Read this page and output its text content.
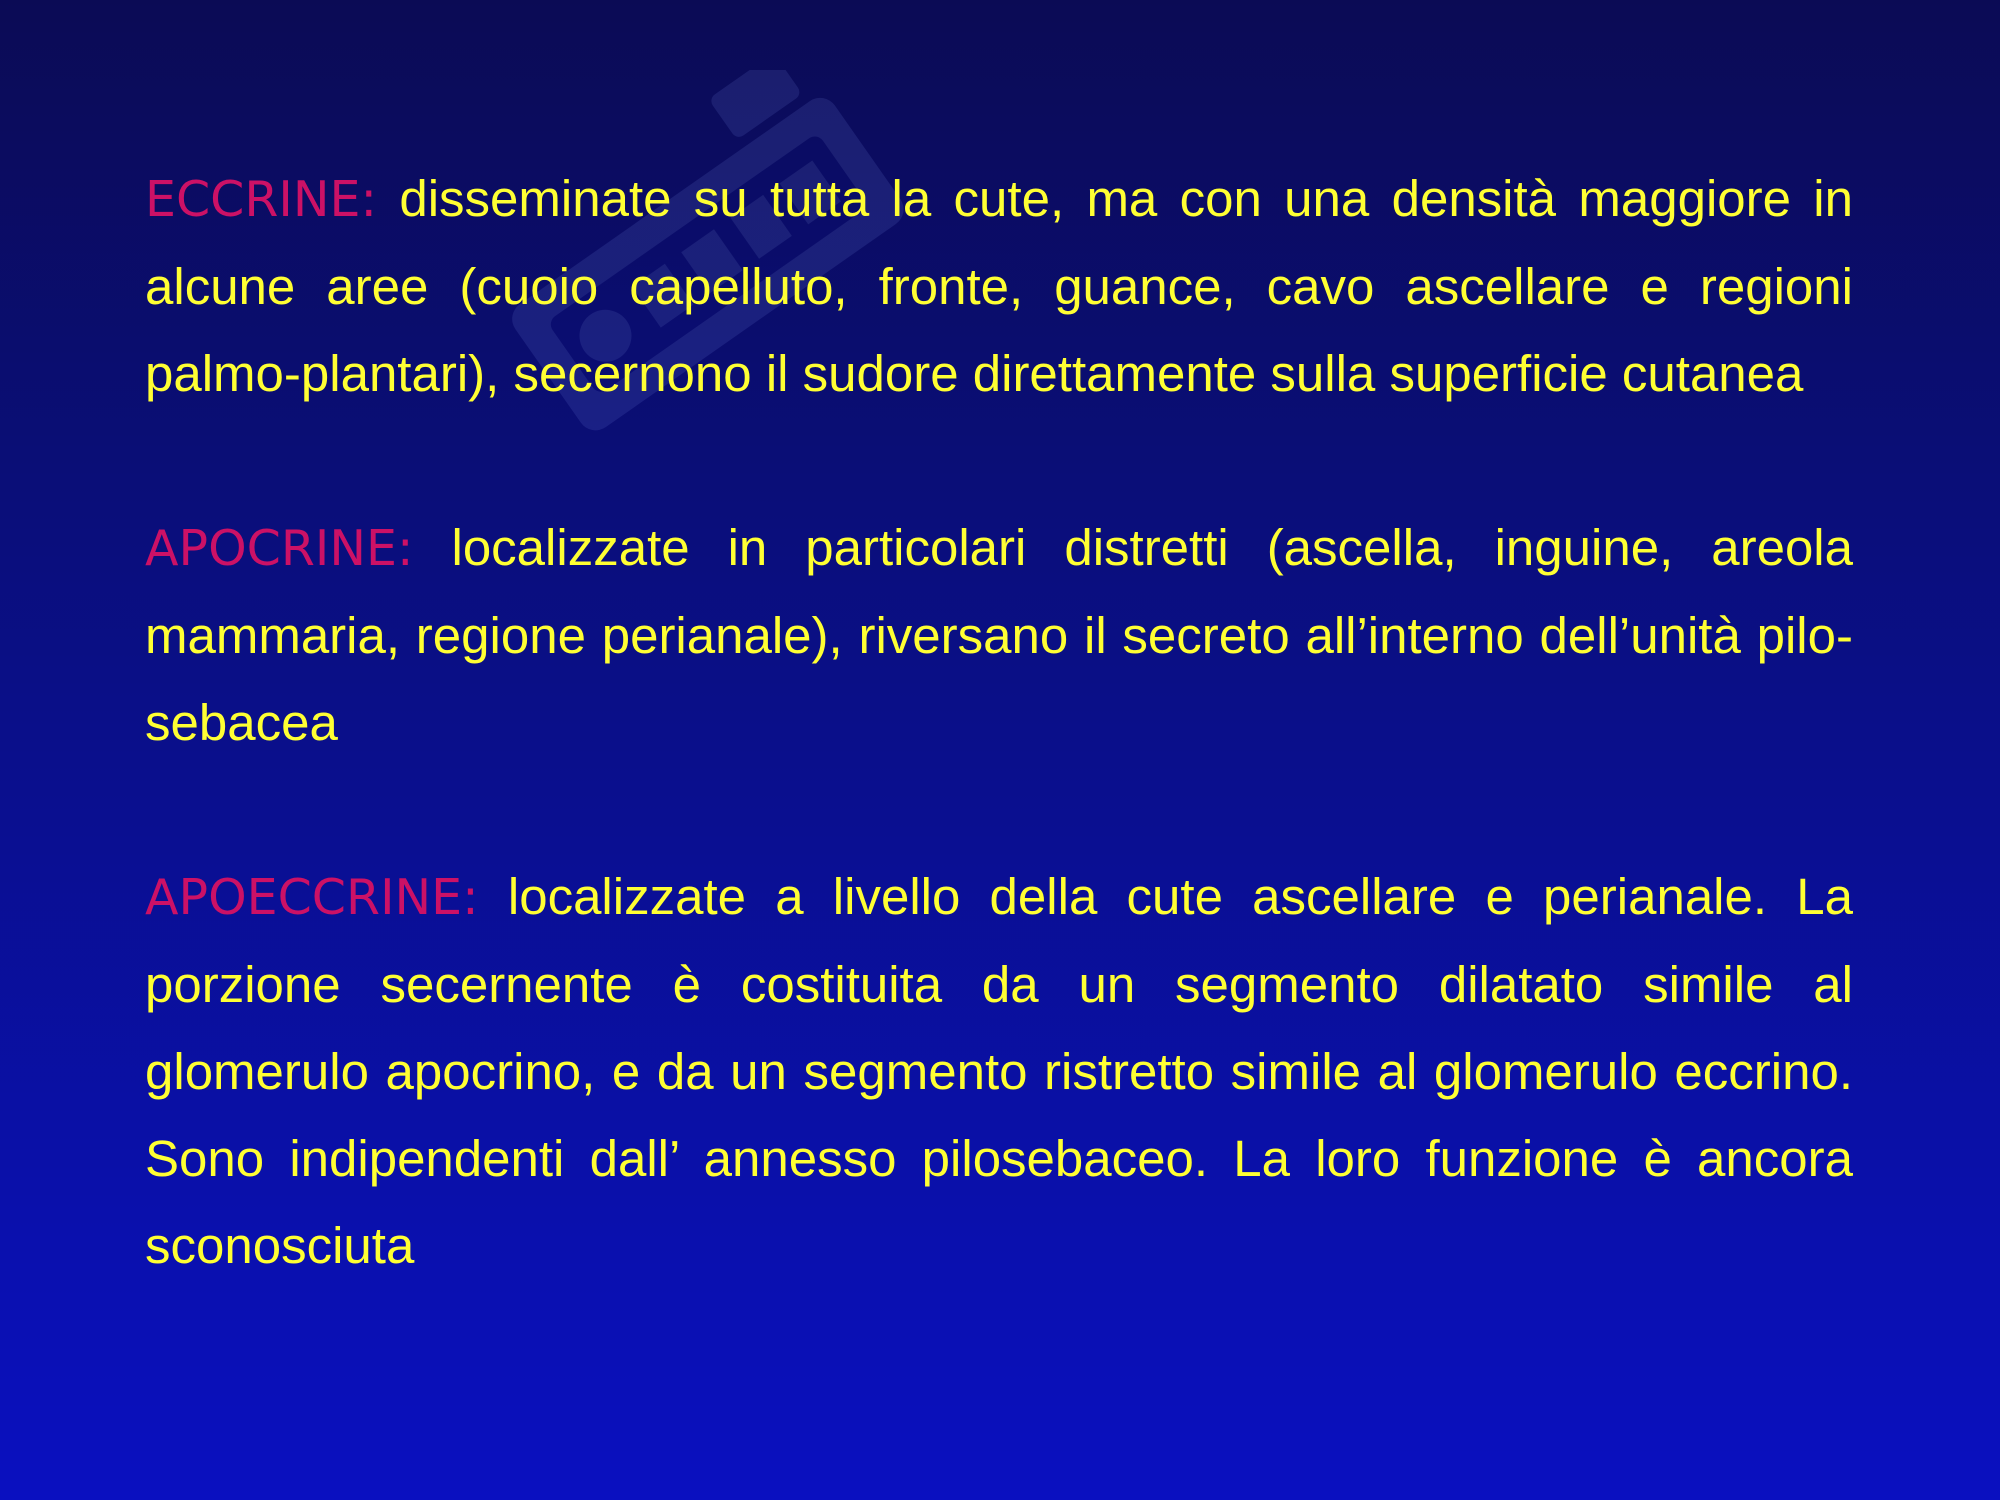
ECCRINE: disseminate su tutta la cute, ma con una densità maggiore in alcune aree (cuoio capelluto, fronte, guance, cavo ascellare e regioni palmo-plantari), secernono il sudore direttamente sulla superficie cutanea

APOCRINE: localizzate in particolari distretti (ascella, inguine, areola mammaria, regione perianale), riversano il secreto all’interno dell’unità pilo-sebacea

APOECCRINE: localizzate a livello della cute ascellare e perianale. La porzione secernente è costituita da un segmento dilatato simile al glomerulo apocrino, e da un segmento ristretto simile al glomerulo eccrino. Sono indipendenti dall’ annesso pilosebaceo. La loro funzione è ancora sconosciuta
